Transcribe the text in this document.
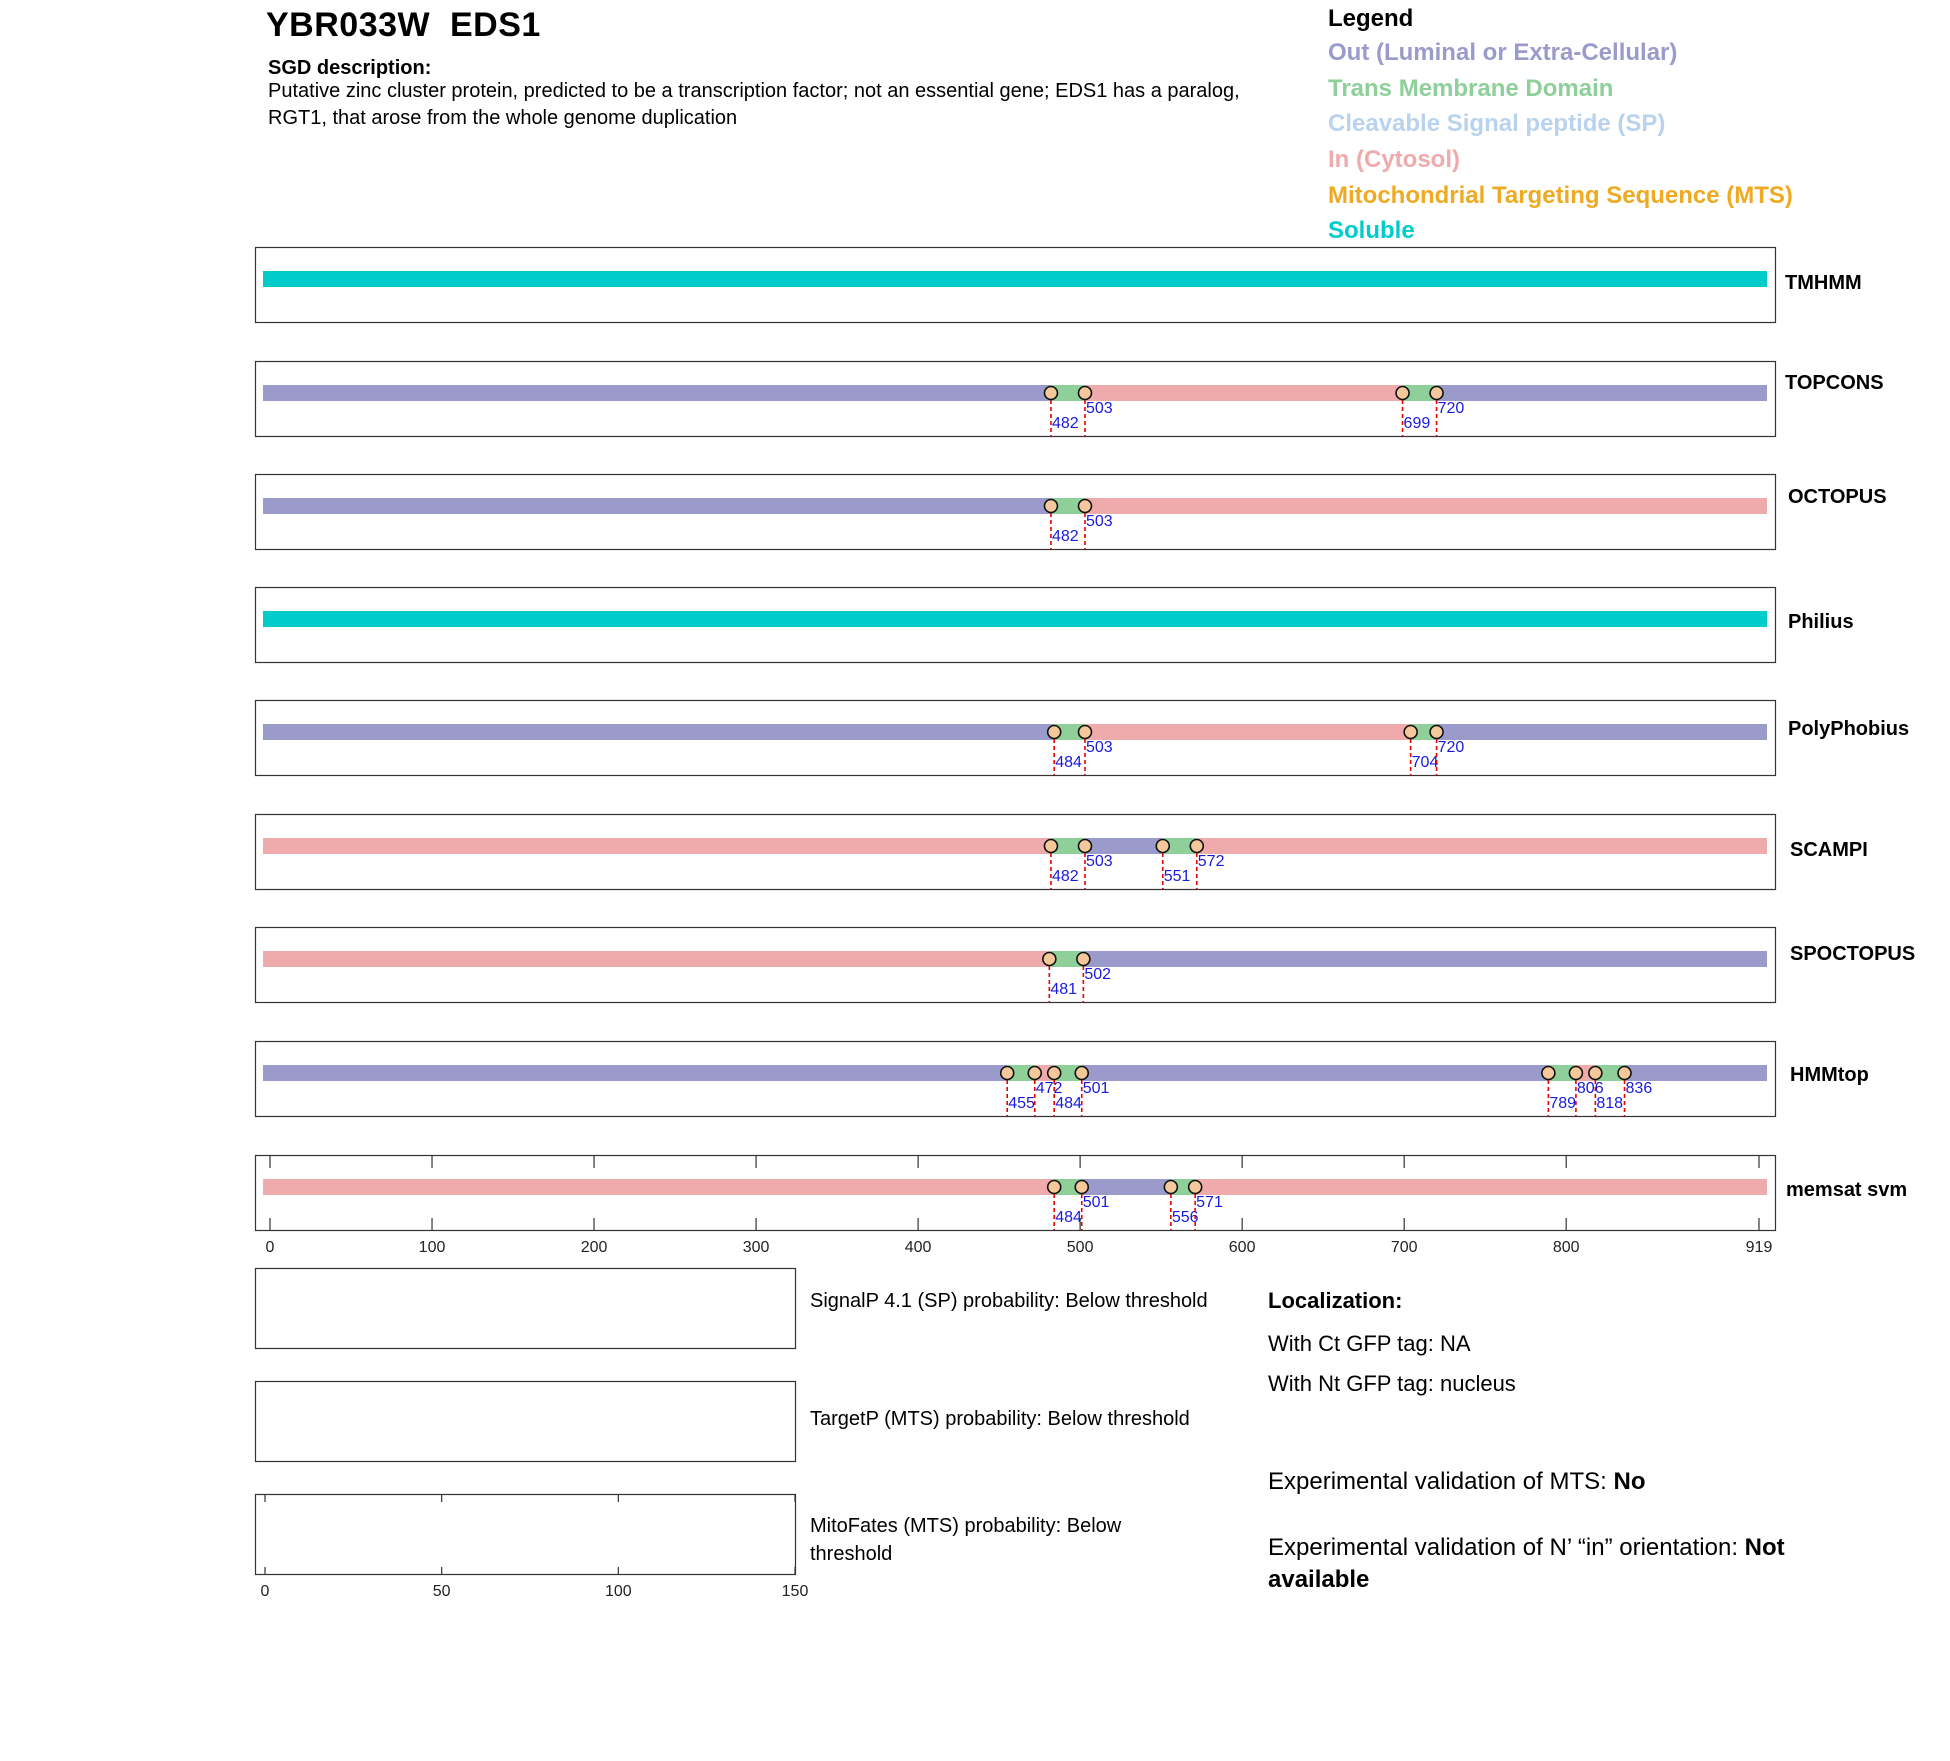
YBR033W  EDS1
SGD description:
Putative zinc cluster protein, predicted to be a transcription factor; not an essential gene; EDS1 has a paralog, RGT1, that arose from the whole genome duplication
Legend
Out (Luminal or Extra-Cellular)
Trans Membrane Domain
Cleavable Signal peptide (SP)
In (Cytosol)
Mitochondrial Targeting Sequence (MTS)
Soluble
TMHMM
TOPCONS
OCTOPUS
Philius
PolyPhobius
SCAMPI
SPOCTOPUS
HMMtop
memsat svm
482
503
699
720
482
503
484
503
704
720
482
503
551
572
481
502
455
472
484
501
789
806
818
836
484
501
556
571
0	100	200	300	400	500	600	700	800	919
0	50	100	150
SignalP 4.1 (SP) probability: Below threshold
TargetP (MTS) probability: Below threshold
MitoFates (MTS) probability: Below threshold
Localization:
With Ct GFP tag: NA
With Nt GFP tag: nucleus
Experimental validation of MTS: No
Experimental validation of N’ “in” orientation: Not available
